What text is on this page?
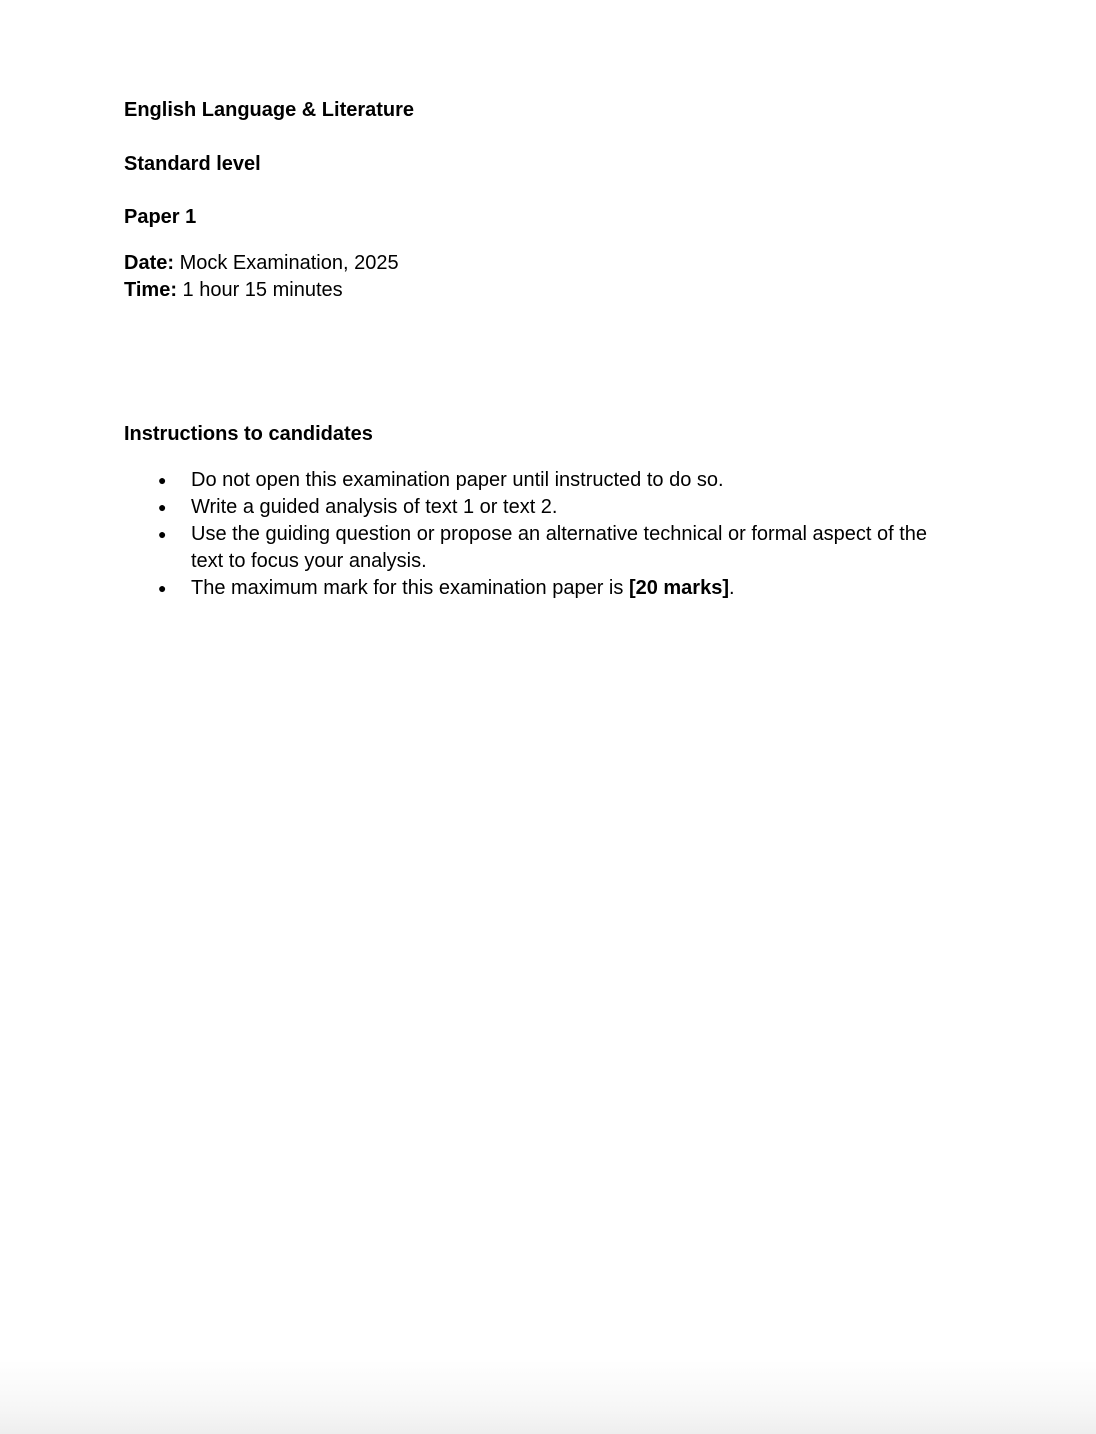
English Language & Literature
Standard level
Paper 1
Date: Mock Examination, 2025
Time: 1 hour 15 minutes
Instructions to candidates
● Do not open this examination paper until instructed to do so.
● Write a guided analysis of text 1 or text 2.
● Use the guiding question or propose an alternative technical or formal aspect of the text to focus your analysis.
● The maximum mark for this examination paper is [20 marks].
